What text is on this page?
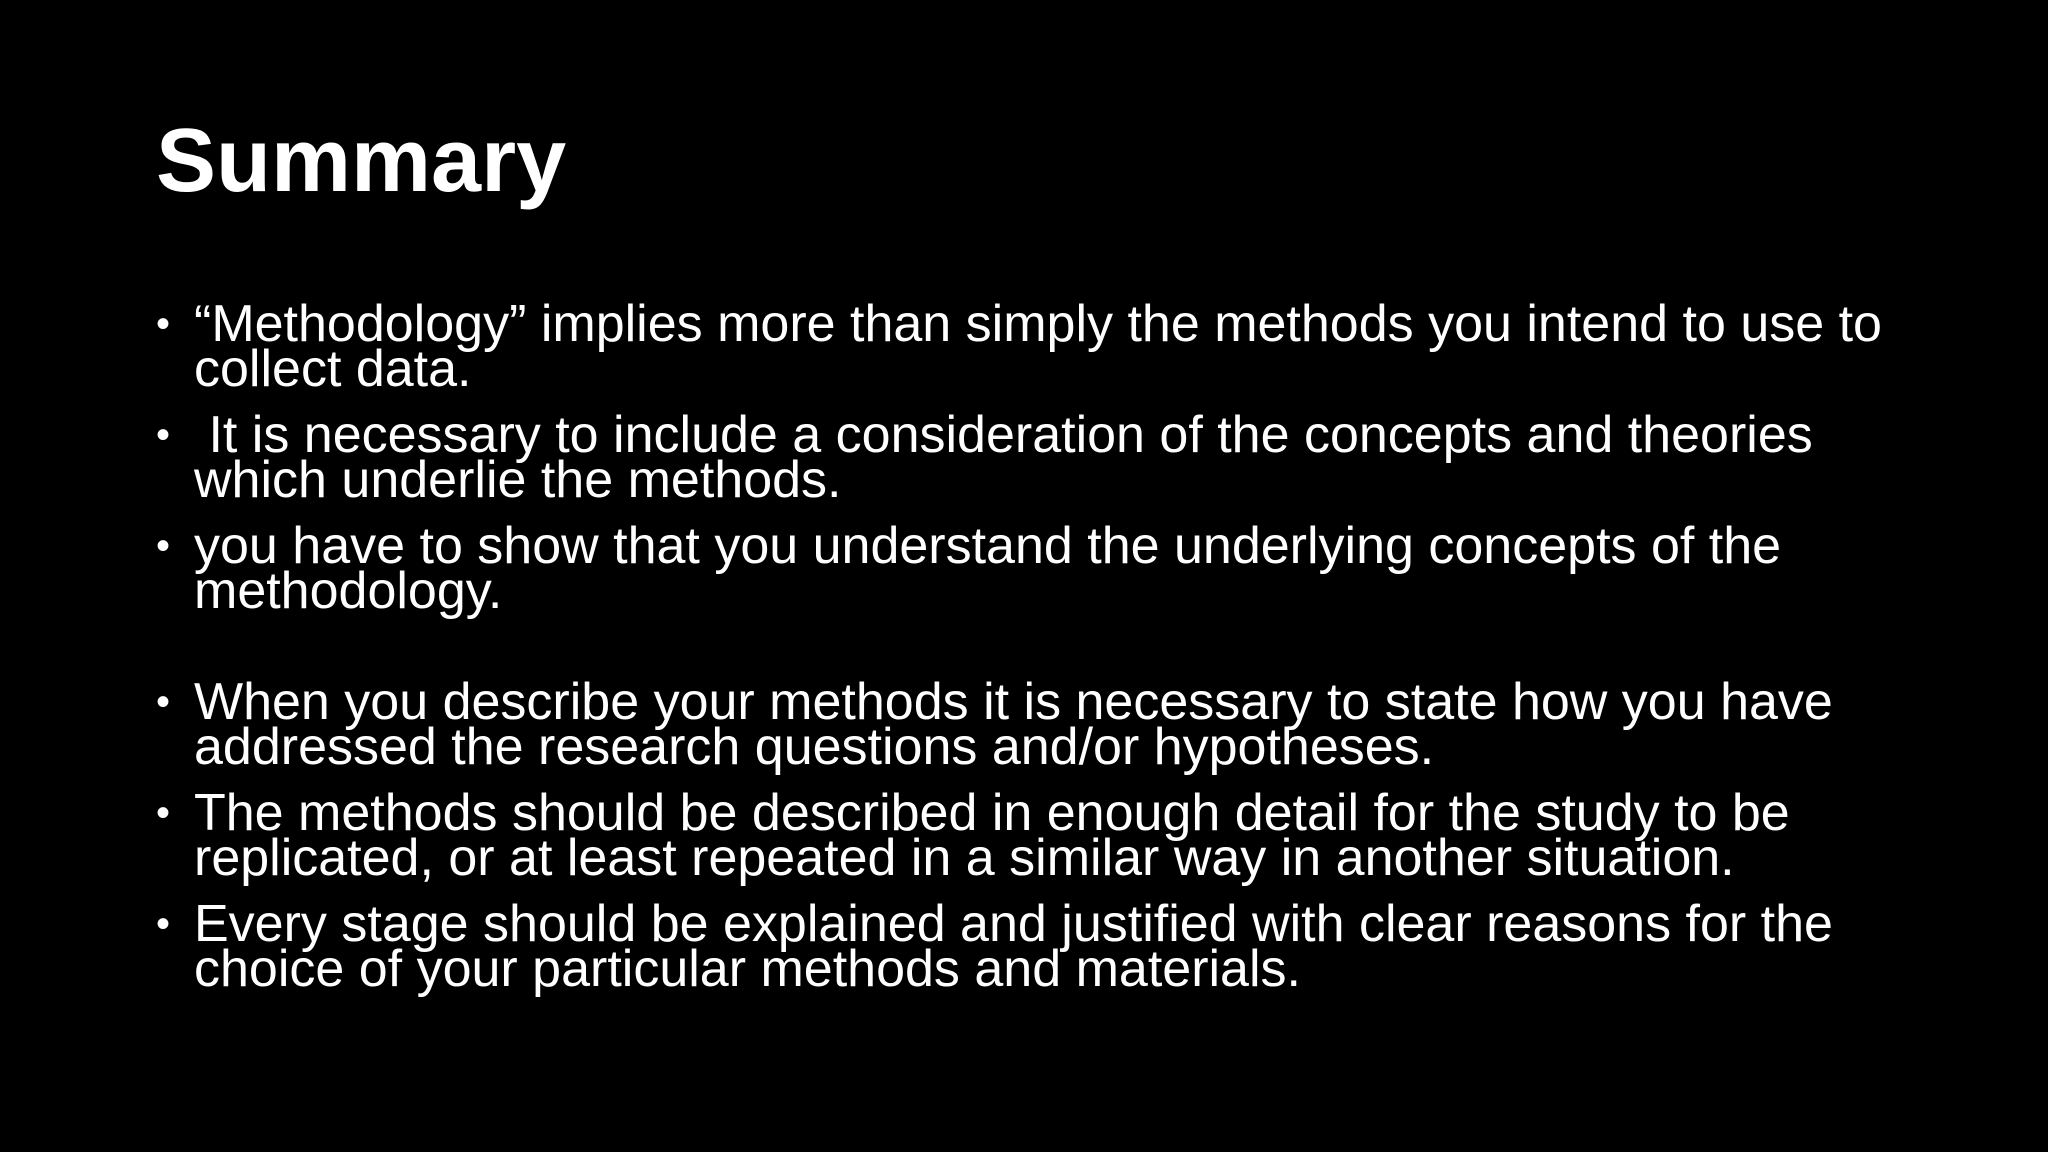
Summary
• “Methodology” implies more than simply the methods you intend to use to collect data.
• It is necessary to include a consideration of the concepts and theories which underlie the methods.
• you have to show that you understand the underlying concepts of the methodology.
• When you describe your methods it is necessary to state how you have addressed the research questions and/or hypotheses.
• The methods should be described in enough detail for the study to be replicated, or at least repeated in a similar way in another situation.
• Every stage should be explained and justified with clear reasons for the choice of your particular methods and materials.
